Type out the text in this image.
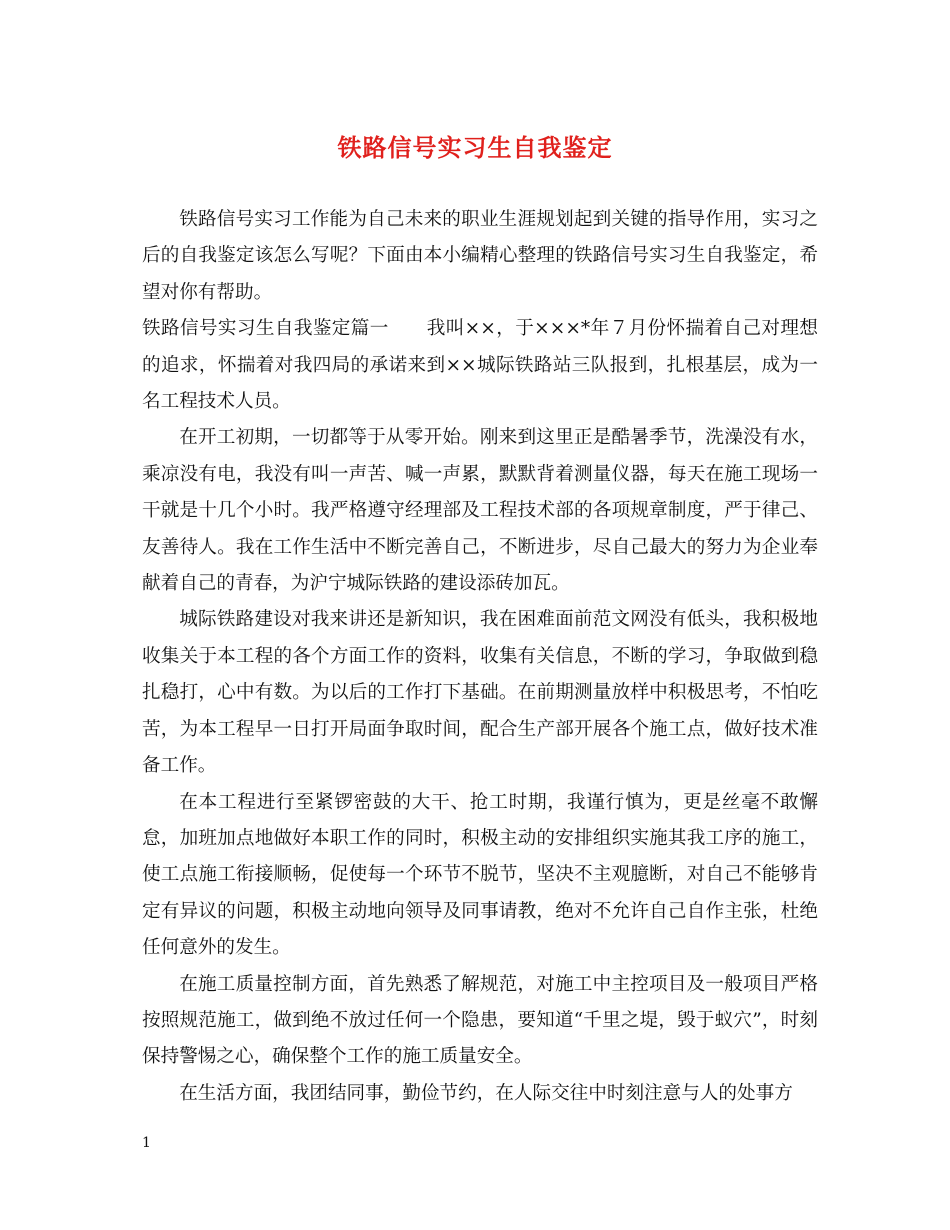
铁路信号实习生自我鉴定

铁路信号实习工作能为自己未来的职业生涯规划起到关键的指导作用，实习之后的自我鉴定该怎么写呢？下面由本小编精心整理的铁路信号实习生自我鉴定，希望对你有帮助。

铁路信号实习生自我鉴定篇一　　我叫××，于×××*年７月份怀揣着自己对理想的追求，怀揣着对我四局的承诺来到××城际铁路站三队报到，扎根基层，成为一名工程技术人员。

在开工初期，一切都等于从零开始。刚来到这里正是酷暑季节，洗澡没有水，乘凉没有电，我没有叫一声苦、喊一声累，默默背着测量仪器，每天在施工现场一干就是十几个小时。我严格遵守经理部及工程技术部的各项规章制度，严于律己、友善待人。我在工作生活中不断完善自己，不断进步，尽自己最大的努力为企业奉献着自己的青春，为沪宁城际铁路的建设添砖加瓦。

城际铁路建设对我来讲还是新知识，我在困难面前范文网没有低头，我积极地收集关于本工程的各个方面工作的资料，收集有关信息，不断的学习，争取做到稳扎稳打，心中有数。为以后的工作打下基础。在前期测量放样中积极思考，不怕吃苦，为本工程早一日打开局面争取时间，配合生产部开展各个施工点，做好技术准备工作。

在本工程进行至紧锣密鼓的大干、抢工时期，我谨行慎为，更是丝毫不敢懈怠，加班加点地做好本职工作的同时，积极主动的安排组织实施其我工序的施工，使工点施工衔接顺畅，促使每一个环节不脱节，坚决不主观臆断，对自己不能够肯定有异议的问题，积极主动地向领导及同事请教，绝对不允许自己自作主张，杜绝任何意外的发生。

在施工质量控制方面，首先熟悉了解规范，对施工中主控项目及一般项目严格按照规范施工，做到绝不放过任何一个隐患，要知道“千里之堤，毁于蚁穴”，时刻保持警惕之心，确保整个工作的施工质量安全。

在生活方面，我团结同事，勤俭节约，在人际交往中时刻注意与人的处事方

1
